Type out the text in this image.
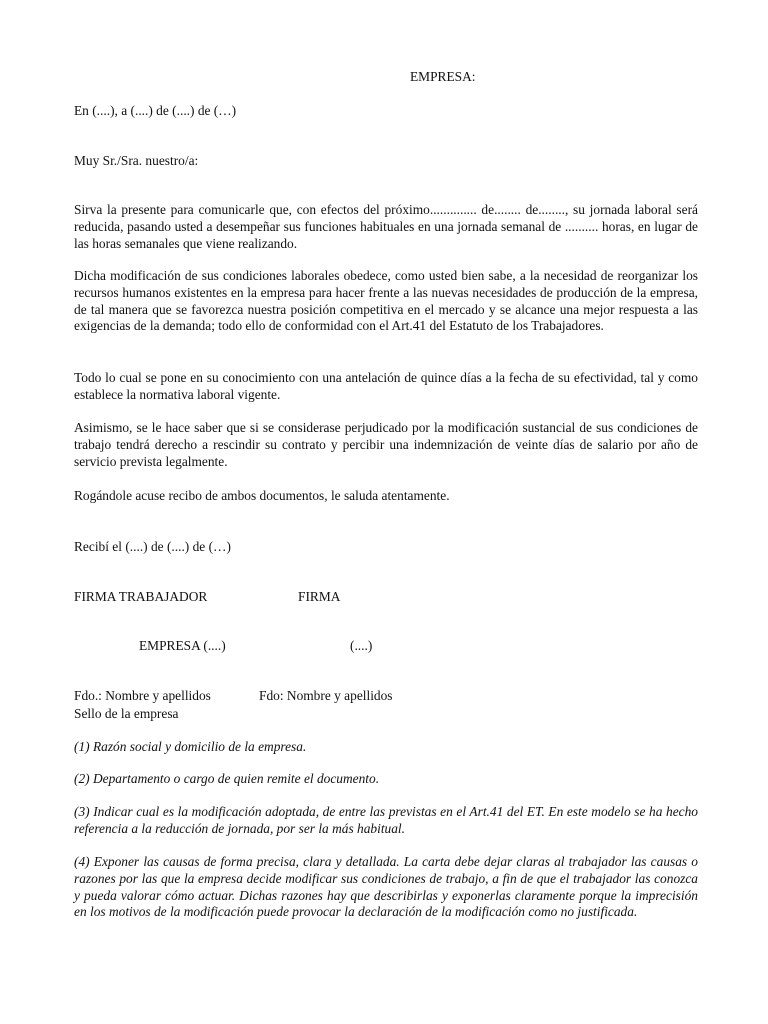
EMPRESA:
En (....), a (....) de (....) de (…)
Muy Sr./Sra. nuestro/a:
Sirva la presente para comunicarle que, con efectos del próximo.............. de........ de........, su jornada laboral será reducida, pasando usted a desempeñar sus funciones habituales en una jornada semanal de .......... horas, en lugar de las horas semanales que viene realizando.
Dicha modificación de sus condiciones laborales obedece, como usted bien sabe, a la necesidad de reorganizar los recursos humanos existentes en la empresa para hacer frente a las nuevas necesidades de producción de la empresa, de tal manera que se favorezca nuestra posición competitiva en el mercado y se alcance una mejor respuesta a las exigencias de la demanda; todo ello de conformidad con el Art.41 del Estatuto de los Trabajadores.
Todo lo cual se pone en su conocimiento con una antelación de quince días a la fecha de su efectividad, tal y como establece la normativa laboral vigente.
Asimismo, se le hace saber que si se considerase perjudicado por la modificación sustancial de sus condiciones de trabajo tendrá derecho a rescindir su contrato y percibir una indemnización de veinte días de salario por año de servicio prevista legalmente.
Rogándole acuse recibo de ambos documentos, le saluda atentamente.
Recibí el (....) de (....) de (…)
FIRMA TRABAJADOR	FIRMA
EMPRESA (....)	(....)
Fdo.: Nombre y apellidos	Fdo: Nombre y apellidos
Sello de la empresa
(1) Razón social y domicilio de la empresa.
(2) Departamento o cargo de quien remite el documento.
(3) Indicar cual es la modificación adoptada, de entre las previstas en el Art.41 del ET. En este modelo se ha hecho referencia a la reducción de jornada, por ser la más habitual.
(4) Exponer las causas de forma precisa, clara y detallada. La carta debe dejar claras al trabajador las causas o razones por las que la empresa decide modificar sus condiciones de trabajo, a fin de que el trabajador las conozca y pueda valorar cómo actuar. Dichas razones hay que describirlas y exponerlas claramente porque la imprecisión en los motivos de la modificación puede provocar la declaración de la modificación como no justificada.
